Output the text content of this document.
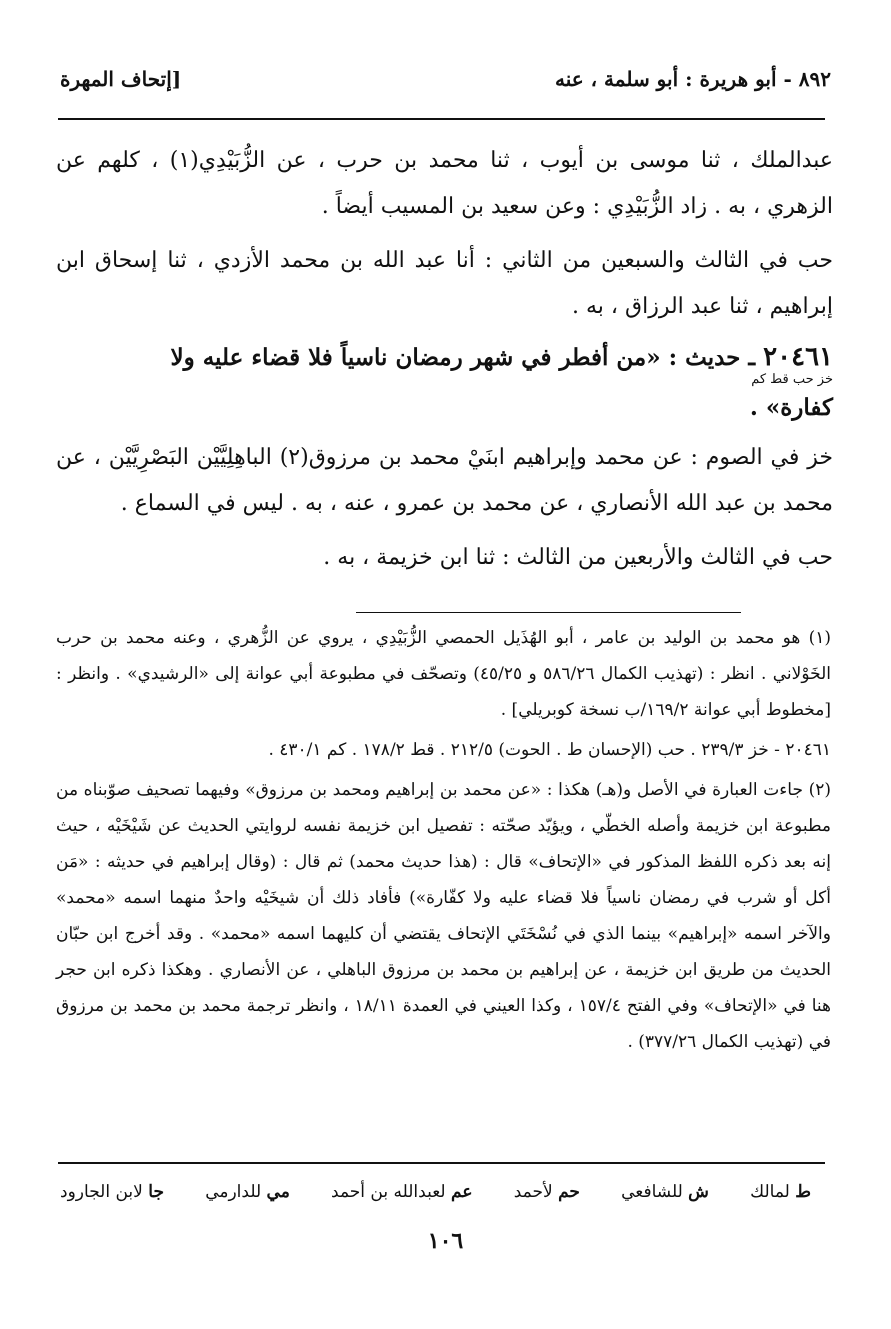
٨٩٢ - أبو هريرة : أبو سلمة ، عنه
[إتحاف المهرة

عبدالملك ، ثنا موسى بن أيوب ، ثنا محمد بن حرب ، عن الزُّبَيْدِي(١) ، كلهم عن الزهري ، به . زاد الزُّبَيْدِي : وعن سعيد بن المسيب أيضاً .

حب في الثالث والسبعين من الثاني : أنا عبد الله بن محمد الأزدي ، ثنا إسحاق ابن إبراهيم ، ثنا عبد الرزاق ، به .

٢٠٤٦١ ـ حديث : «من أفطر في شهر رمضان ناسياً فلا قضاء عليه ولا
خز حب قط كم
كفارة» .

خز في الصوم : عن محمد وإبراهيم ابنَيْ محمد بن مرزوق(٢) الباهِلِيَّيْن البَصْرِيَّيْن ، عن محمد بن عبد الله الأنصاري ، عن محمد بن عمرو ، عنه ، به . ليس في السماع .

حب في الثالث والأربعين من الثالث : ثنا ابن خزيمة ، به .

(١) هو محمد بن الوليد بن عامر ، أبو الهُذَيل الحمصي الزُّبَيْدِي ، يروي عن الزُّهري ، وعنه محمد بن حرب الخَوْلاني . انظر : (تهذيب الكمال ٥٨٦/٢٦ و ٤٥/٢٥) وتصحّف في مطبوعة أبي عوانة إلى «الرشيدي» . وانظر : [مخطوط أبي عوانة ١٦٩/٢/ب نسخة كوبريلي] .

٢٠٤٦١ - خز ٢٣٩/٣ . حب (الإحسان ط . الحوت) ٢١٢/٥ . قط ١٧٨/٢ . كم ٤٣٠/١ .

(٢) جاءت العبارة في الأصل و(هـ) هكذا : «عن محمد بن إبراهيم ومحمد بن مرزوق» وفيهما تصحيف صوّبناه من مطبوعة ابن خزيمة وأصله الخطّي ، ويؤيّد صحّته : تفصيل ابن خزيمة نفسه لروايتي الحديث عن شَيْخَيْه ، حيث إنه بعد ذكره اللفظ المذكور في «الإتحاف» قال : (هذا حديث محمد) ثم قال : (وقال إبراهيم في حديثه : «مَن أكل أو شرب في رمضان ناسياً فلا قضاء عليه ولا كفّارة») فأفاد ذلك أن شيخَيْه واحدٌ منهما اسمه «محمد» والآخر اسمه «إبراهيم» بينما الذي في نُسْخَتَي الإتحاف يقتضي أن كليهما اسمه «محمد» . وقد أخرج ابن حبّان الحديث من طريق ابن خزيمة ، عن إبراهيم بن محمد بن مرزوق الباهلي ، عن الأنصاري . وهكذا ذكره ابن حجر هنا في «الإتحاف» وفي الفتح ١٥٧/٤ ، وكذا العيني في العمدة ١٨/١١ ، وانظر ترجمة محمد بن محمد بن مرزوق في (تهذيب الكمال ٣٧٧/٢٦) .

ط لمالك
ش للشافعي
حم لأحمد
عم لعبدالله بن أحمد
مي للدارمي
جا لابن الجارود
١٠٦
